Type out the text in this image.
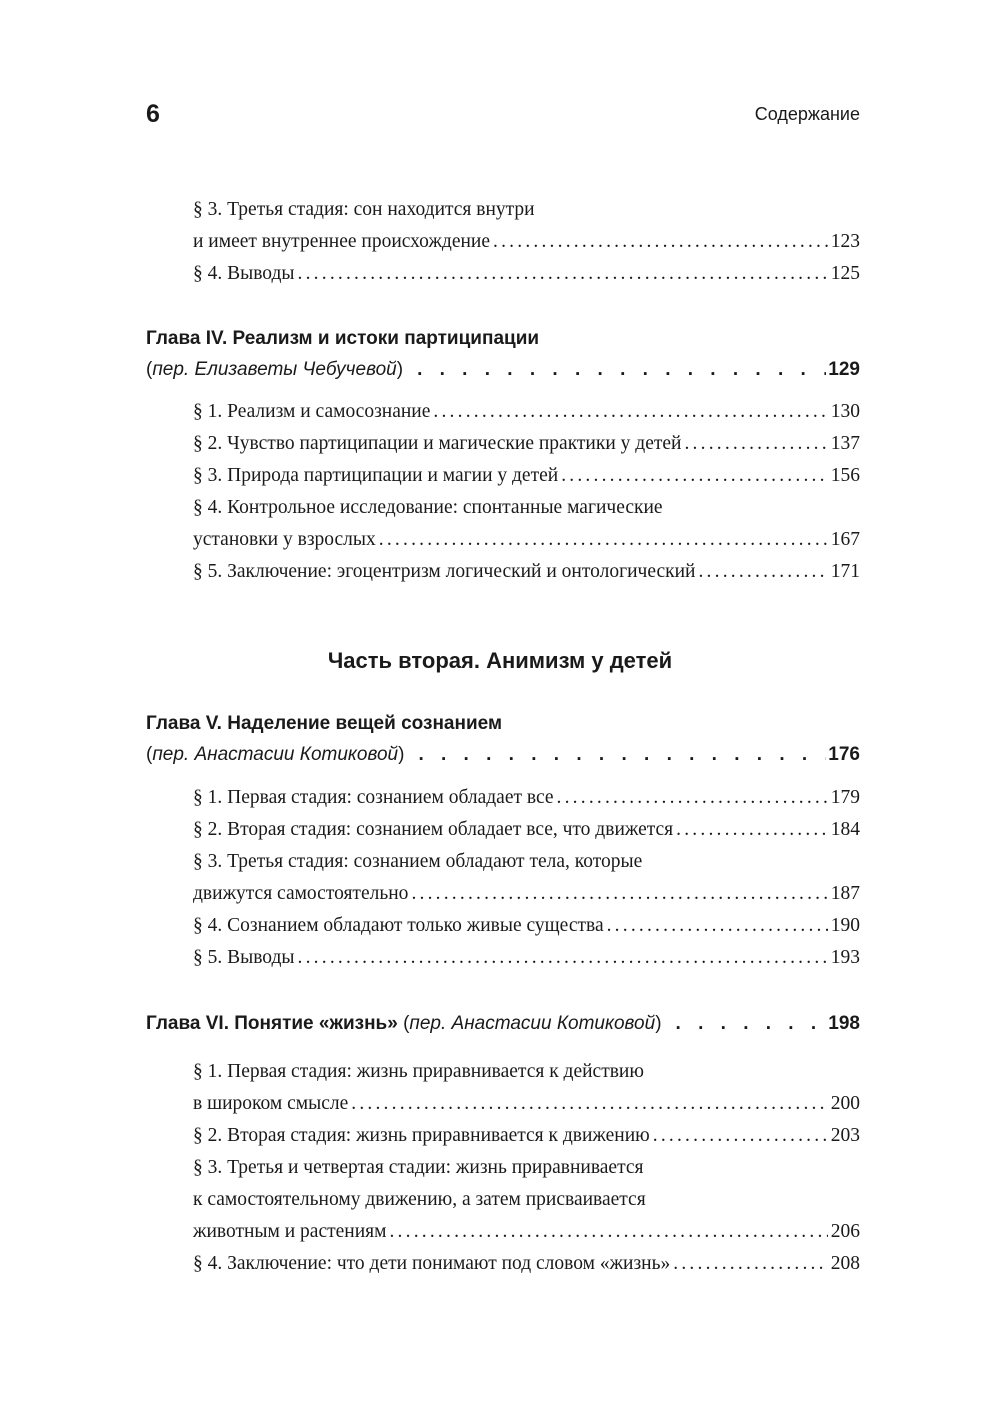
6	Содержание
§ 3. Третья стадия: сон находится внутри
и имеет внутреннее происхождение .....	123
§ 4. Выводы .....	125
Глава IV. Реализм и истоки партиципации
( пер. Елизаветы Чебучевой ) . . .	129
§ 1. Реализм и самосознание .....	130
§ 2. Чувство партиципации и магические практики у детей .....	137
§ 3. Природа партиципации и магии у детей .....	156
§ 4. Контрольное исследование: спонтанные магические
установки у взрослых .....	167
§ 5. Заключение: эгоцентризм логический и онтологический .....	171
Часть вторая. Анимизм у детей
Глава V. Наделение вещей сознанием
( пер. Анастасии Котиковой ) . . .	176
§ 1. Первая стадия: сознанием обладает все .....	179
§ 2. Вторая стадия: сознанием обладает все, что движется .....	184
§ 3. Третья стадия: сознанием обладают тела, которые
движутся самостоятельно .....	187
§ 4. Сознанием обладают только живые существа .....	190
§ 5. Выводы .....	193
Глава VI. Понятие «жизнь» ( пер. Анастасии Котиковой ) . . .	198
§ 1. Первая стадия: жизнь приравнивается к действию
в широком смысле .....	200
§ 2. Вторая стадия: жизнь приравнивается к движению .....	203
§ 3. Третья и четвертая стадии: жизнь приравнивается
к самостоятельному движению, а затем присваивается
животным и растениям .....	206
§ 4. Заключение: что дети понимают под словом «жизнь» .....	208
